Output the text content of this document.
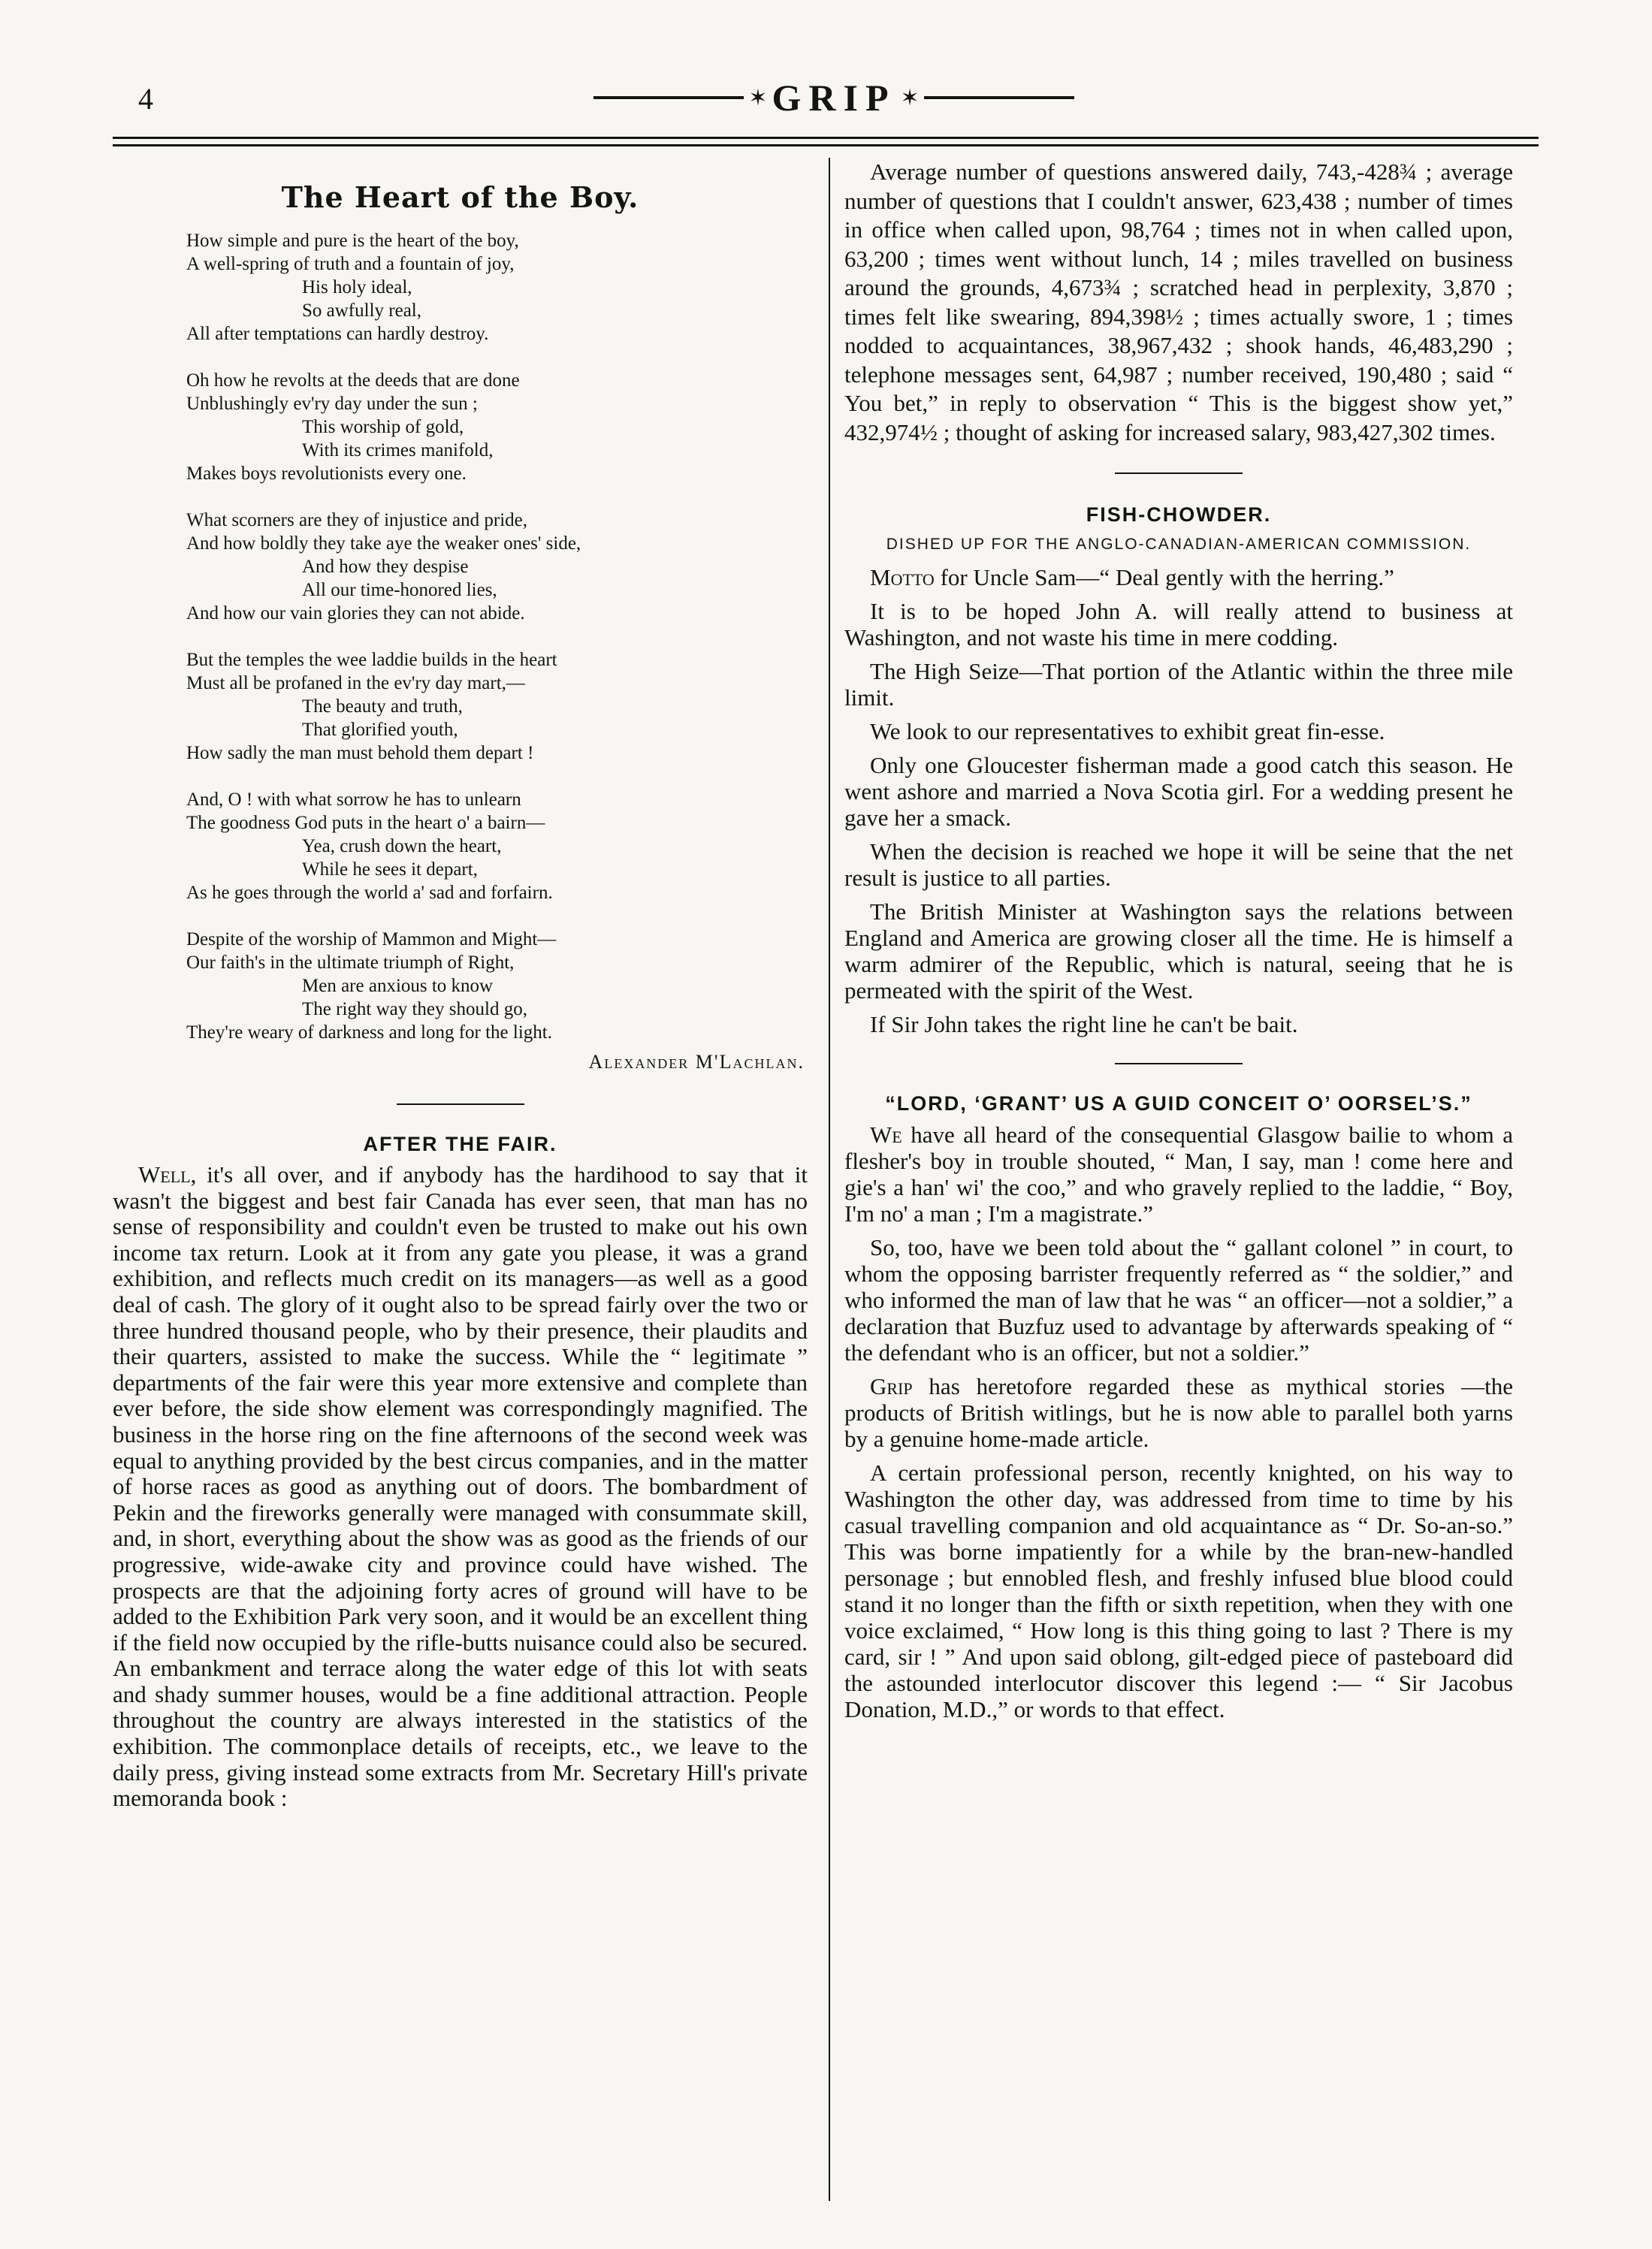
4	✶ GRIP ✶
The Heart of the Boy.
How simple and pure is the heart of the boy,
A well-spring of truth and a fountain of joy,
His holy ideal,
So awfully real,
All after temptations can hardly destroy.
Oh how he revolts at the deeds that are done
Unblushingly ev'ry day under the sun ;
This worship of gold,
With its crimes manifold,
Makes boys revolutionists every one.
What scorners are they of injustice and pride,
And how boldly they take aye the weaker ones' side,
And how they despise
All our time-honored lies,
And how our vain glories they can not abide.
But the temples the wee laddie builds in the heart
Must all be profaned in the ev'ry day mart,—
The beauty and truth,
That glorified youth,
How sadly the man must behold them depart !
And, O ! with what sorrow he has to unlearn
The goodness God puts in the heart o' a bairn—
Yea, crush down the heart,
While he sees it depart,
As he goes through the world a' sad and forfairn.
Despite of the worship of Mammon and Might—
Our faith's in the ultimate triumph of Right,
Men are anxious to know
The right way they should go,
They're weary of darkness and long for the light.
Alexander M'Lachlan.
AFTER THE FAIR.

Well, it's all over, and if anybody has the hardihood to say that it wasn't the biggest and best fair Canada has ever seen, that man has no sense of responsibility and couldn't even be trusted to make out his own income tax return. Look at it from any gate you please, it was a grand exhibition, and reflects much credit on its managers—as well as a good deal of cash. The glory of it ought also to be spread fairly over the two or three hundred thousand people, who by their presence, their plaudits and their quarters, assisted to make the success. While the “ legitimate ” departments of the fair were this year more extensive and complete than ever before, the side show element was correspondingly magnified. The business in the horse ring on the fine afternoons of the second week was equal to anything provided by the best circus companies, and in the matter of horse races as good as anything out of doors. The bombardment of Pekin and the fireworks generally were managed with consummate skill, and, in short, everything about the show was as good as the friends of our progressive, wide-awake city and province could have wished. The prospects are that the adjoining forty acres of ground will have to be added to the Exhibition Park very soon, and it would be an excellent thing if the field now occupied by the rifle-butts nuisance could also be secured. An embankment and terrace along the water edge of this lot with seats and shady summer houses, would be a fine additional attraction. People throughout the country are always interested in the statistics of the exhibition. The commonplace details of receipts, etc., we leave to the daily press, giving instead some extracts from Mr. Secretary Hill's private memoranda book :

Average number of questions answered daily, 743,-428¾ ; average number of questions that I couldn't answer, 623,438 ; number of times in office when called upon, 98,764 ; times not in when called upon, 63,200 ; times went without lunch, 14 ; miles travelled on business around the grounds, 4,673¾ ; scratched head in perplexity, 3,870 ; times felt like swearing, 894,398½ ; times actually swore, 1 ; times nodded to acquaintances, 38,967,432 ; shook hands, 46,483,290 ; telephone messages sent, 64,987 ; number received, 190,480 ; said “ You bet,” in reply to observation “ This is the biggest show yet,” 432,974½ ; thought of asking for increased salary, 983,427,302 times.

FISH-CHOWDER.
DISHED UP FOR THE ANGLO-CANADIAN-AMERICAN COMMISSION.

Motto for Uncle Sam—“ Deal gently with the herring.”

It is to be hoped John A. will really attend to business at Washington, and not waste his time in mere codding.

The High Seize—That portion of the Atlantic within the three mile limit.

We look to our representatives to exhibit great fin-esse.

Only one Gloucester fisherman made a good catch this season. He went ashore and married a Nova Scotia girl. For a wedding present he gave her a smack.

When the decision is reached we hope it will be seine that the net result is justice to all parties.

The British Minister at Washington says the relations between England and America are growing closer all the time. He is himself a warm admirer of the Republic, which is natural, seeing that he is permeated with the spirit of the West.

If Sir John takes the right line he can't be bait.

“LORD, ‘GRANT’ US A GUID CONCEIT O’ OORSEL’S.”

We have all heard of the consequential Glasgow bailie to whom a flesher's boy in trouble shouted, “ Man, I say, man ! come here and gie's a han' wi' the coo,” and who gravely replied to the laddie, “ Boy, I'm no' a man ; I'm a magistrate.”

So, too, have we been told about the “ gallant colonel ” in court, to whom the opposing barrister frequently referred as “ the soldier,” and who informed the man of law that he was “ an officer—not a soldier,” a declaration that Buzfuz used to advantage by afterwards speaking of “ the defendant who is an officer, but not a soldier.”

Grip has heretofore regarded these as mythical stories —the products of British witlings, but he is now able to parallel both yarns by a genuine home-made article.

A certain professional person, recently knighted, on his way to Washington the other day, was addressed from time to time by his casual travelling companion and old acquaintance as “ Dr. So-an-so.” This was borne impatiently for a while by the bran-new-handled personage ; but ennobled flesh, and freshly infused blue blood could stand it no longer than the fifth or sixth repetition, when they with one voice exclaimed, “ How long is this thing going to last ? There is my card, sir ! ” And upon said oblong, gilt-edged piece of pasteboard did the astounded interlocutor discover this legend :— “ Sir Jacobus Donation, M.D.,” or words to that effect.
